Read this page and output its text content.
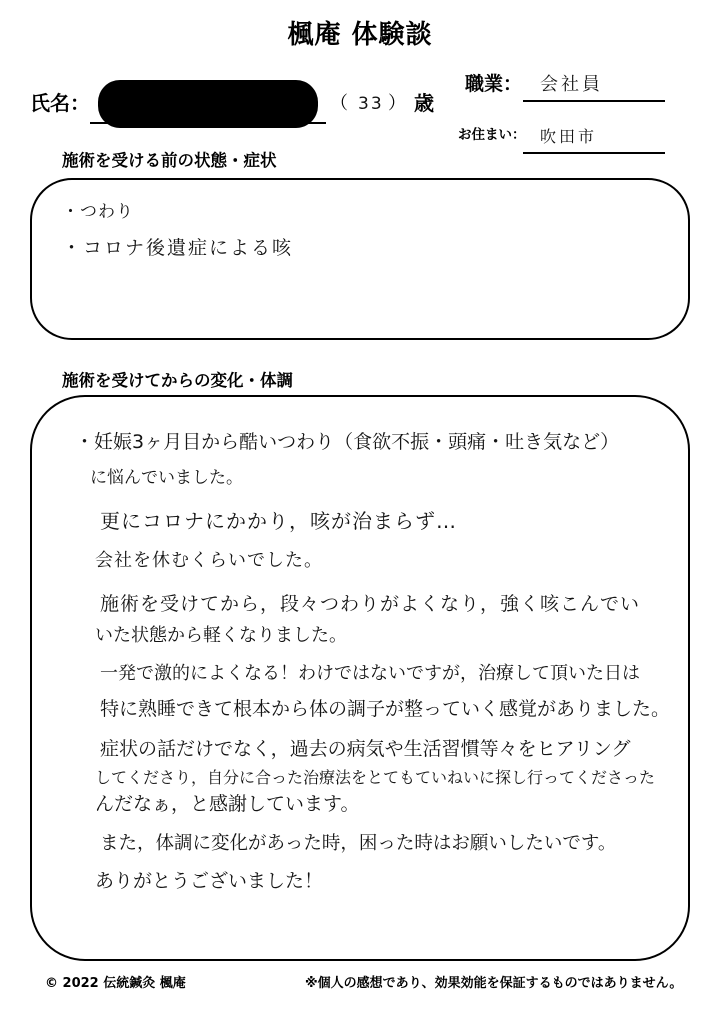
楓庵 体験談
氏名：	（ 33 ） 歳
職業： 会社員
お住まい： 吹田市
施術を受ける前の状態・症状
・つわり
・コロナ後遺症による咳
施術を受けてからの変化・体調
・妊娠3ヶ月目から酷いつわり（食欲不振・頭痛・吐き気など）
に悩んでいました。
更にコロナにかかり，咳が治まらず…
会社を休むくらいでした。
施術を受けてから，段々つわりがよくなり，強く咳こんでい
いた状態から軽くなりました。
一発で激的によくなる！わけではないですが，治療して頂いた日は
特に熟睡できて根本から体の調子が整っていく感覚がありました。
症状の話だけでなく，過去の病気や生活習慣等々をヒアリング
してくださり，自分に合った治療法をとてもていねいに探し行ってくださった
んだなぁ，と感謝しています。
また，体調に変化があった時，困った時はお願いしたいです。
ありがとうございました！
© 2022 伝統鍼灸 楓庵	※個人の感想であり、効果効能を保証するものではありません。
